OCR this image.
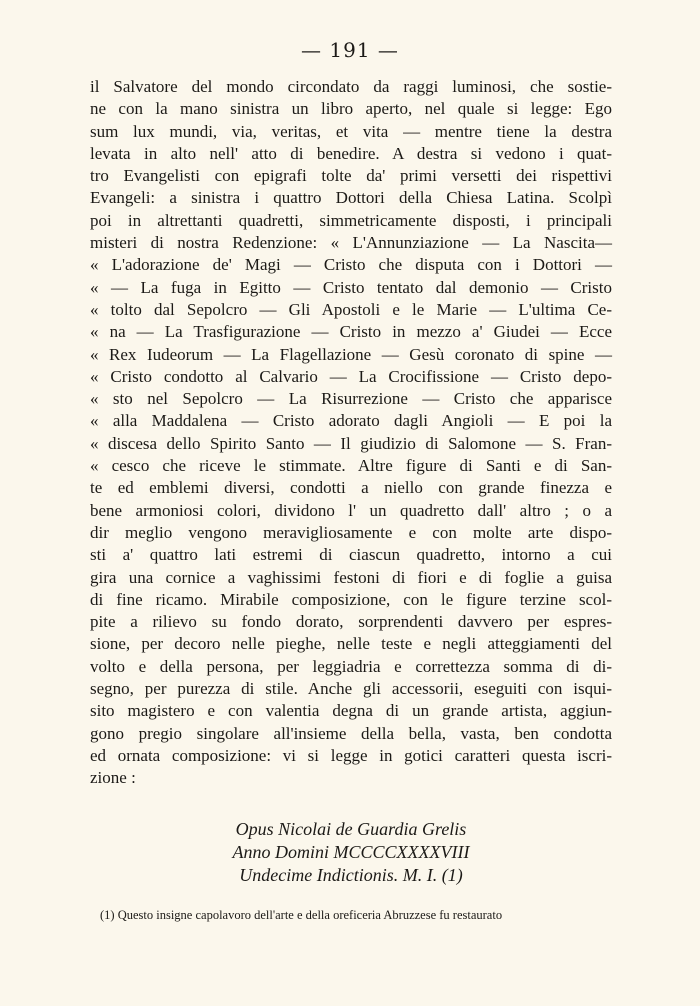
— 191 —
il Salvatore del mondo circondato da raggi luminosi, che sostie-
ne con la mano sinistra un libro aperto, nel quale si legge: Ego
sum lux mundi, via, veritas, et vita — mentre tiene la destra
levata in alto nell' atto di benedire. A destra si vedono i quat-
tro Evangelisti con epigrafi tolte da' primi versetti dei rispettivi
Evangeli: a sinistra i quattro Dottori della Chiesa Latina. Scolpì
poi in altrettanti quadretti, simmetricamente disposti, i principali
misteri di nostra Redenzione: « L'Annunziazione — La Nascita—
« L'adorazione de' Magi — Cristo che disputa con i Dottori —
« — La fuga in Egitto — Cristo tentato dal demonio — Cristo
« tolto dal Sepolcro — Gli Apostoli e le Marie — L'ultima Ce-
« na — La Trasfigurazione — Cristo in mezzo a' Giudei — Ecce
« Rex Iudeorum — La Flagellazione — Gesù coronato di spine —
« Cristo condotto al Calvario — La Crocifissione — Cristo depo-
« sto nel Sepolcro — La Risurrezione — Cristo che apparisce
« alla Maddalena — Cristo adorato dagli Angioli — E poi la
« discesa dello Spirito Santo — Il giudizio di Salomone — S. Fran-
« cesco che riceve le stimmate. Altre figure di Santi e di San-
te ed emblemi diversi, condotti a niello con grande finezza e
bene armoniosi colori, dividono l' un quadretto dall' altro ; o a
dir meglio vengono meravigliosamente e con molte arte dispo-
sti a' quattro lati estremi di ciascun quadretto, intorno a cui
gira una cornice a vaghissimi festoni di fiori e di foglie a guisa
di fine ricamo. Mirabile composizione, con le figure terzine scol-
pite a rilievo su fondo dorato, sorprendenti davvero per espres-
sione, per decoro nelle pieghe, nelle teste e negli atteggiamenti del
volto e della persona, per leggiadria e correttezza somma di di-
segno, per purezza di stile. Anche gli accessorii, eseguiti con isqui-
sito magistero e con valentia degna di un grande artista, aggiun-
gono pregio singolare all'insieme della bella, vasta, ben condotta
ed ornata composizione: vi si legge in gotici caratteri questa iscri-
zione :
Opus Nicolai de Guardia Grelis
Anno Domini MCCCCXXXXVIII
Undecime Indictionis. M. I. (1)
(1) Questo insigne capolavoro dell'arte e della oreficeria Abruzzese fu restaurato
